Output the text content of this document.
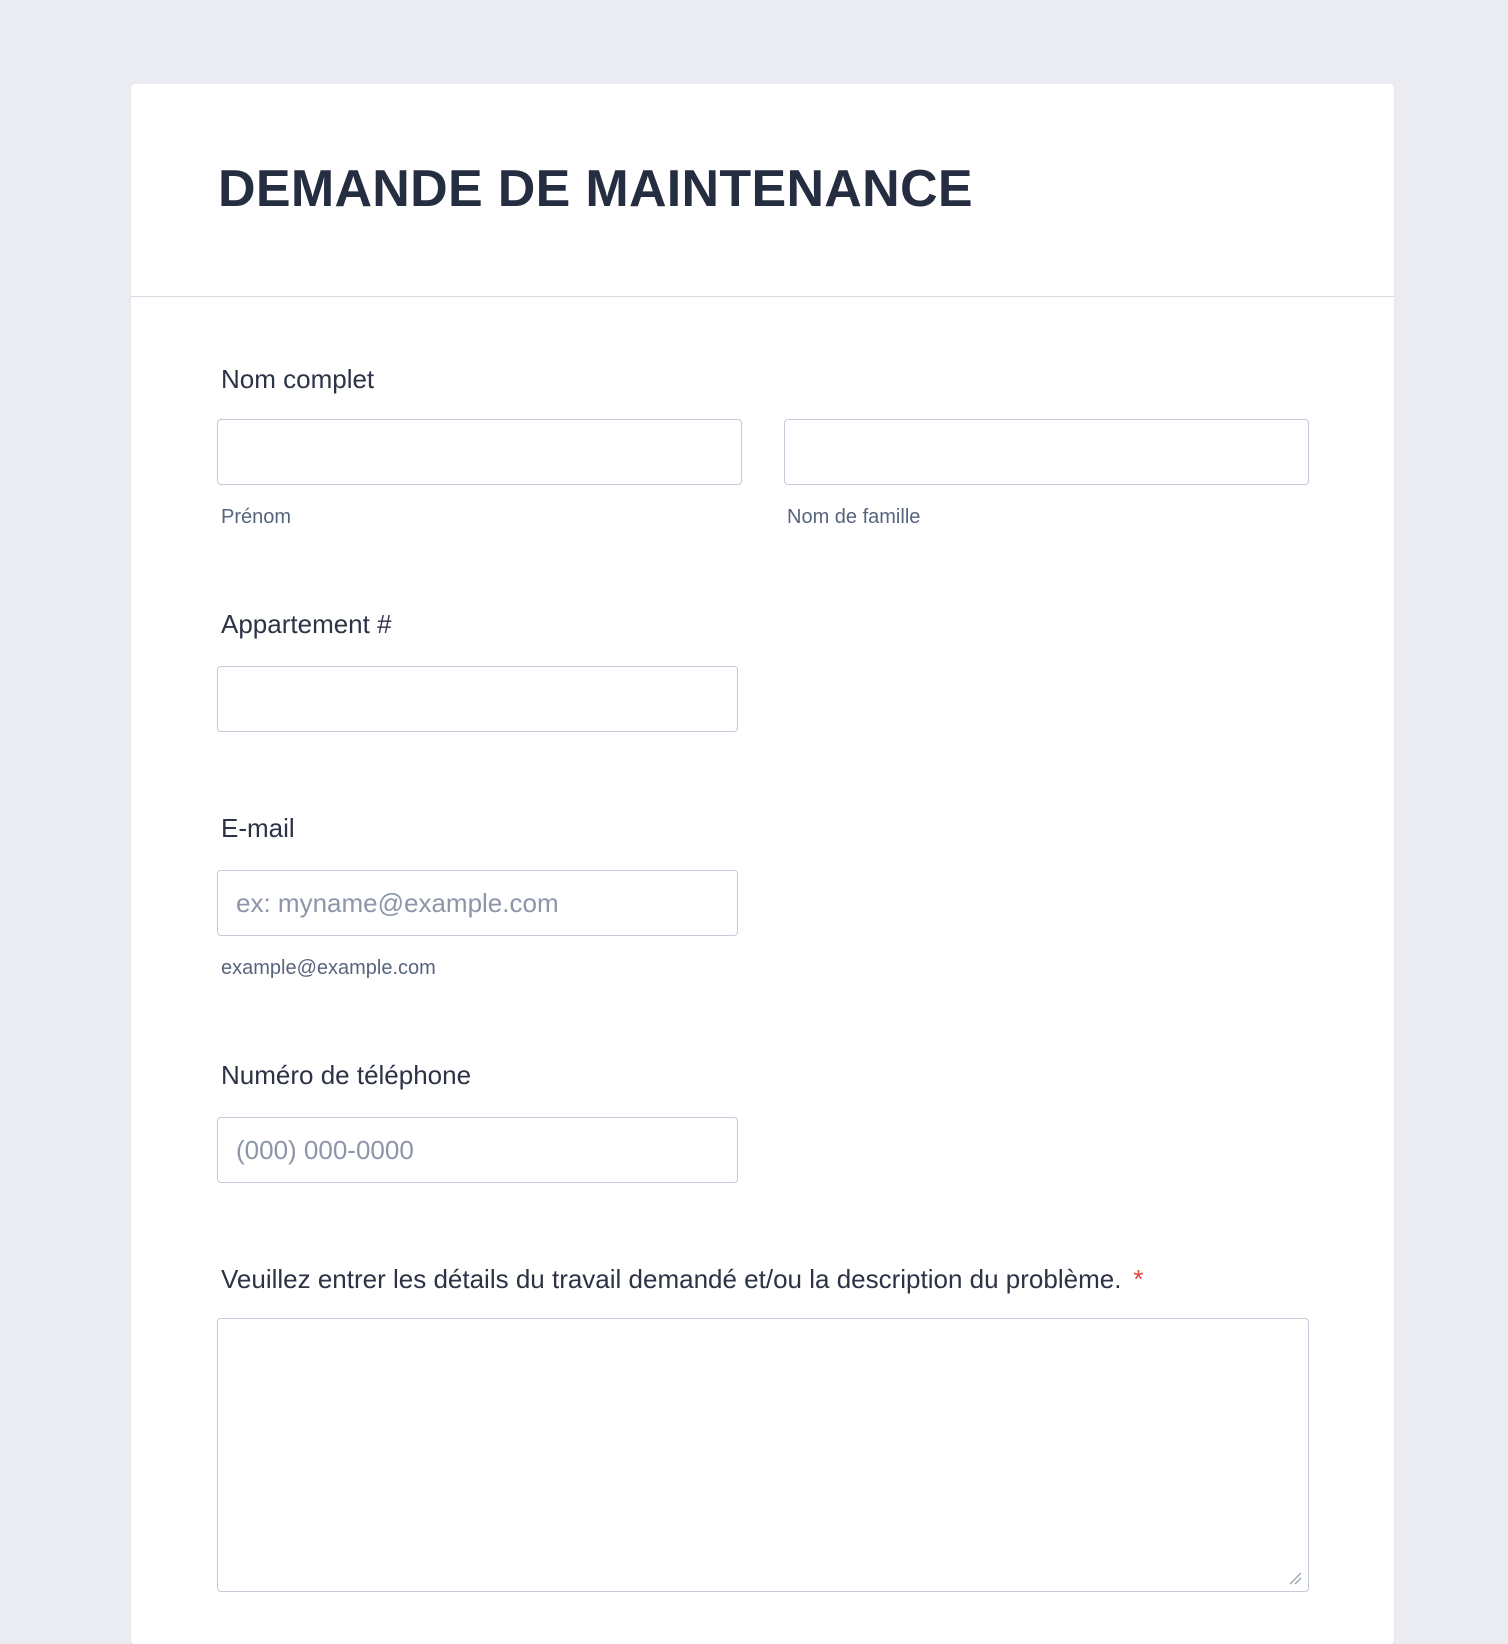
DEMANDE DE MAINTENANCE
Nom complet
Prénom	Nom de famille
Appartement #
E-mail
ex: myname@example.com
example@example.com
Numéro de téléphone
(000) 000-0000
Veuillez entrer les détails du travail demandé et/ou la description du problème. *
